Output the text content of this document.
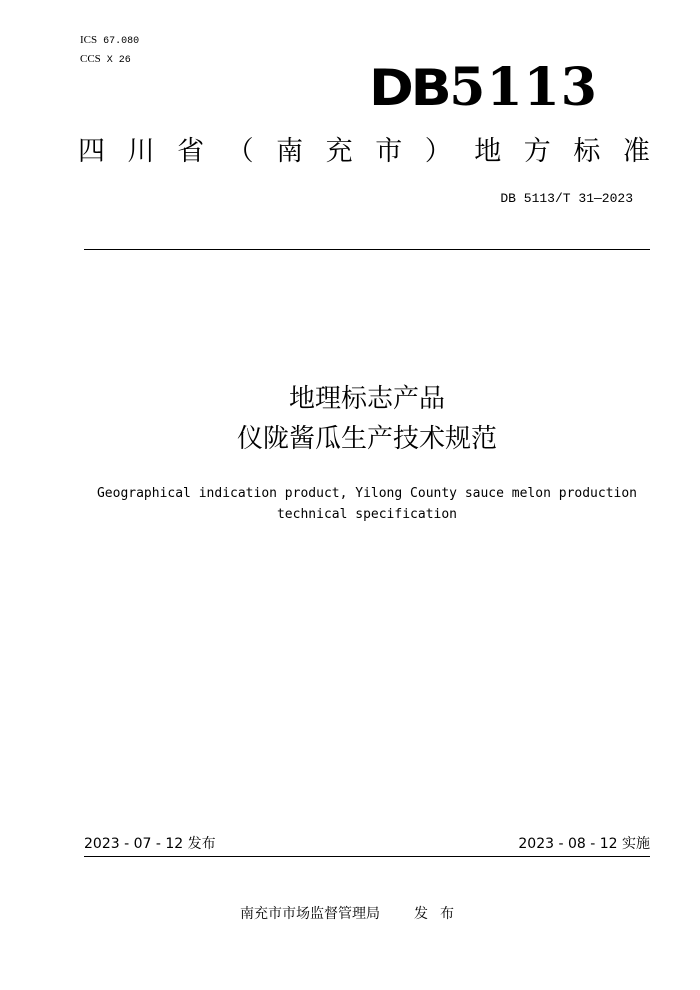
ICS 67.080
CCS X 26	DB 5113
四 川 省 （ 南 充 市 ） 地 方 标 准
DB 5113/T 31—2023
地理标志产品
仪陇酱瓜生产技术规范
Geographical indication product, Yilong County sauce melon production
technical specification
2023 - 07 - 12 发布	2023 - 08 - 12 实施
南充市市场监督管理局 发布
